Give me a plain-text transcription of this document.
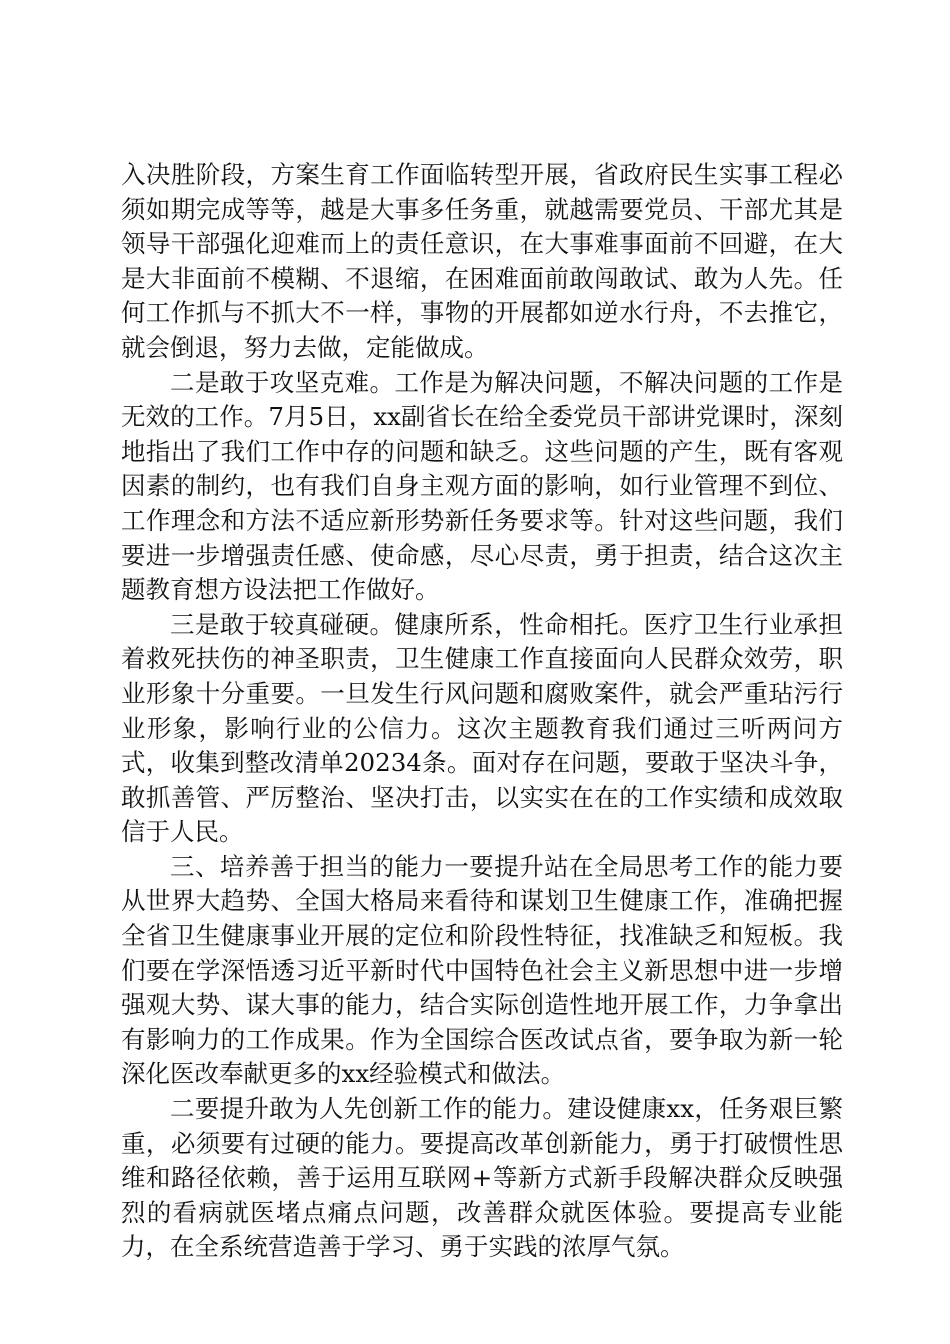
入决胜阶段，方案生育工作面临转型开展，省政府民生实事工程必须如期完成等等，越是大事多任务重，就越需要党员、干部尤其是领导干部强化迎难而上的责任意识，在大事难事面前不回避，在大是大非面前不模糊、不退缩，在困难面前敢闯敢试、敢为人先。任何工作抓与不抓大不一样，事物的开展都如逆水行舟，不去推它，就会倒退，努力去做，定能做成。

二是敢于攻坚克难。工作是为解决问题，不解决问题的工作是无效的工作。7月5日，xx副省长在给全委党员干部讲党课时，深刻地指出了我们工作中存的问题和缺乏。这些问题的产生，既有客观因素的制约，也有我们自身主观方面的影响，如行业管理不到位、工作理念和方法不适应新形势新任务要求等。针对这些问题，我们要进一步增强责任感、使命感，尽心尽责，勇于担责，结合这次主题教育想方设法把工作做好。

三是敢于较真碰硬。健康所系，性命相托。医疗卫生行业承担着救死扶伤的神圣职责，卫生健康工作直接面向人民群众效劳，职业形象十分重要。一旦发生行风问题和腐败案件，就会严重玷污行业形象，影响行业的公信力。这次主题教育我们通过三听两问方式，收集到整改清单20234条。面对存在问题，要敢于坚决斗争，敢抓善管、严厉整治、坚决打击，以实实在在的工作实绩和成效取信于人民。

三、培养善于担当的能力一要提升站在全局思考工作的能力要从世界大趋势、全国大格局来看待和谋划卫生健康工作，准确把握全省卫生健康事业开展的定位和阶段性特征，找准缺乏和短板。我们要在学深悟透习近平新时代中国特色社会主义新思想中进一步增强观大势、谋大事的能力，结合实际创造性地开展工作，力争拿出有影响力的工作成果。作为全国综合医改试点省，要争取为新一轮深化医改奉献更多的xx经验模式和做法。

二要提升敢为人先创新工作的能力。建设健康xx，任务艰巨繁重，必须要有过硬的能力。要提高改革创新能力，勇于打破惯性思维和路径依赖，善于运用互联网+等新方式新手段解决群众反映强烈的看病就医堵点痛点问题，改善群众就医体验。要提高专业能力，在全系统营造善于学习、勇于实践的浓厚气氛。
